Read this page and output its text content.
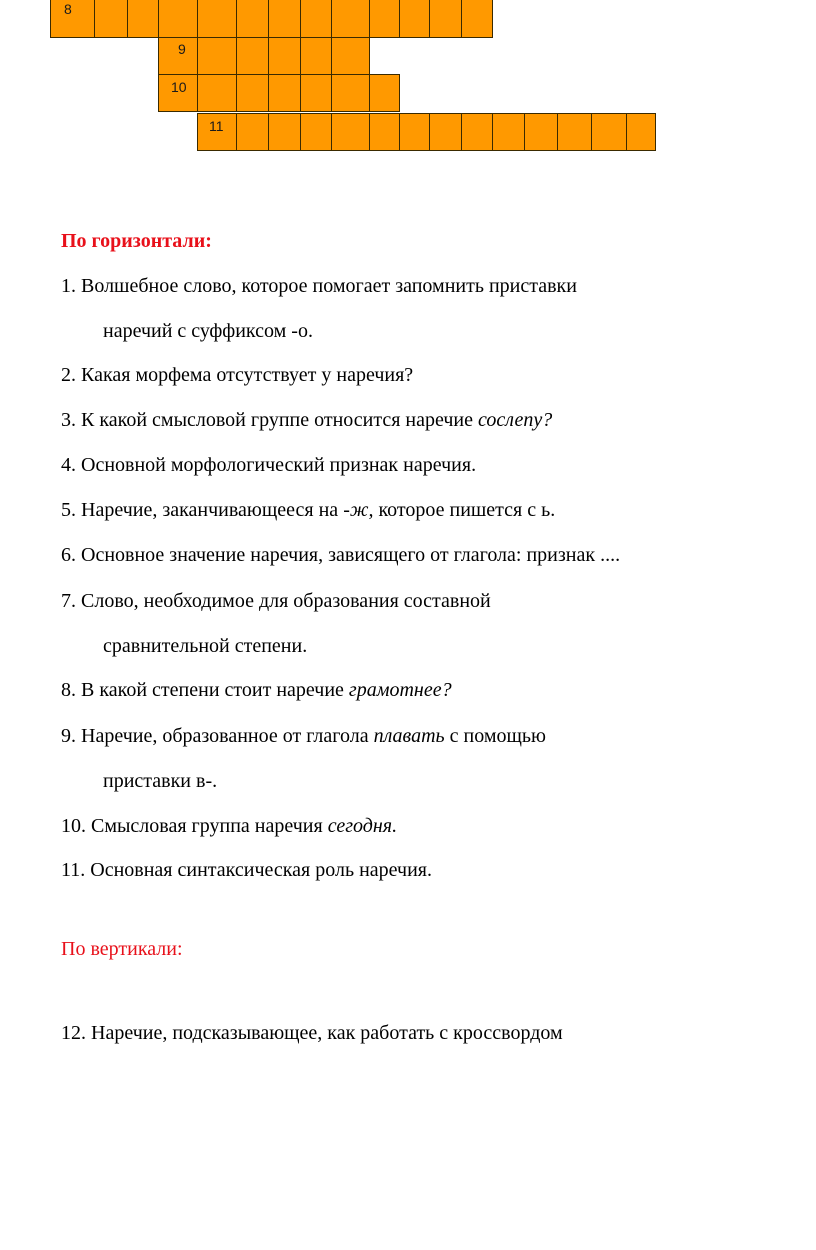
8
9
10
11
По горизонтали:
1. Волшебное слово, которое помогает запомнить приставки
наречий с суффиксом -о.
2. Какая морфема отсутствует у наречия?
3. К какой смысловой группе относится наречие сослепу?
4. Основной морфологический признак наречия.
5. Наречие, заканчивающееся на -ж, которое пишется с ь.
6. Основное значение наречия, зависящего от глагола: признак ....
7. Слово, необходимое для образования составной
сравнительной степени.
8. В какой степени стоит наречие грамотнее?
9. Наречие, образованное от глагола плавать с помощью
приставки в-.
10. Смысловая группа наречия сегодня.
11. Основная синтаксическая роль наречия.
По вертикали:
12. Наречие, подсказывающее, как работать с кроссвордом
